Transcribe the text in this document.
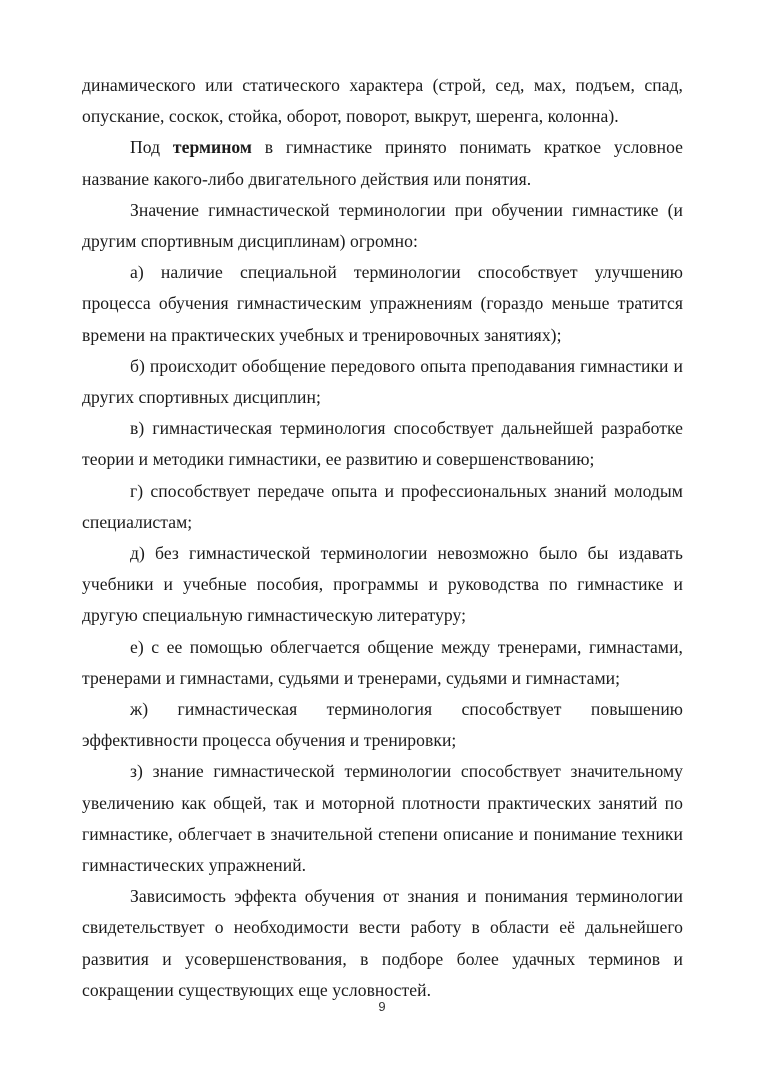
динамического или статического характера (строй, сед, мах, подъем, спад, опускание, соскок, стойка, оборот, поворот, выкрут, шеренга, колонна).

Под термином в гимнастике принято понимать краткое условное название какого-либо двигательного действия или понятия.

Значение гимнастической терминологии при обучении гимнастике (и другим спортивным дисциплинам) огромно:

а) наличие специальной терминологии способствует улучшению процесса обучения гимнастическим упражнениям (гораздо меньше тратится времени на практических учебных и тренировочных занятиях);

б) происходит обобщение передового опыта преподавания гимнастики и других спортивных дисциплин;

в) гимнастическая терминология способствует дальнейшей разработке теории и методики гимнастики, ее развитию и совершенствованию;

г) способствует передаче опыта и профессиональных знаний молодым специалистам;

д) без гимнастической терминологии невозможно было бы издавать учебники и учебные пособия, программы и руководства по гимнастике и другую специальную гимнастическую литературу;

е) с ее помощью облегчается общение между тренерами, гимнастами, тренерами и гимнастами, судьями и тренерами, судьями и гимнастами;

ж) гимнастическая терминология способствует повышению эффективности процесса обучения и тренировки;

з) знание гимнастической терминологии способствует значительному увеличению как общей, так и моторной плотности практических занятий по гимнастике, облегчает в значительной степени описание и понимание техники гимнастических упражнений.

Зависимость эффекта обучения от знания и понимания терминологии свидетельствует о необходимости вести работу в области её дальнейшего развития и усовершенствования, в подборе более удачных терминов и сокращении существующих еще условностей.

9
